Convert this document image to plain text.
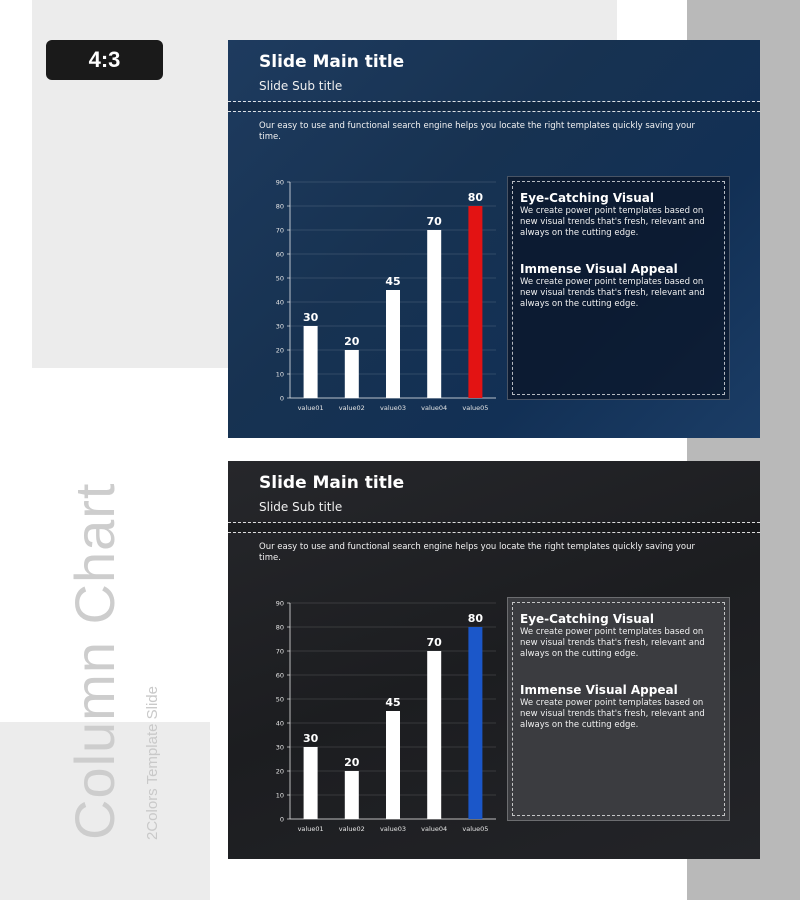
4:3
Column Chart 2Colors Template Slide
Slide Main title
Slide Sub title
Our easy to use and functional search engine helps you locate the right templates quickly saving your time.
0
10
20
30
40
50
60
70
80
90
30
value01
20
value02
45
value03
70
value04
80
value05
Eye-Catching Visual
We create power point templates based on new visual trends that's fresh, relevant and always on the cutting edge.
Immense Visual Appeal
We create power point templates based on new visual trends that's fresh, relevant and always on the cutting edge.
Slide Main title
Slide Sub title
Our easy to use and functional search engine helps you locate the right templates quickly saving your time.
0
10
20
30
40
50
60
70
80
90
30
value01
20
value02
45
value03
70
value04
80
value05
Eye-Catching Visual
We create power point templates based on new visual trends that's fresh, relevant and always on the cutting edge.
Immense Visual Appeal
We create power point templates based on new visual trends that's fresh, relevant and always on the cutting edge.
